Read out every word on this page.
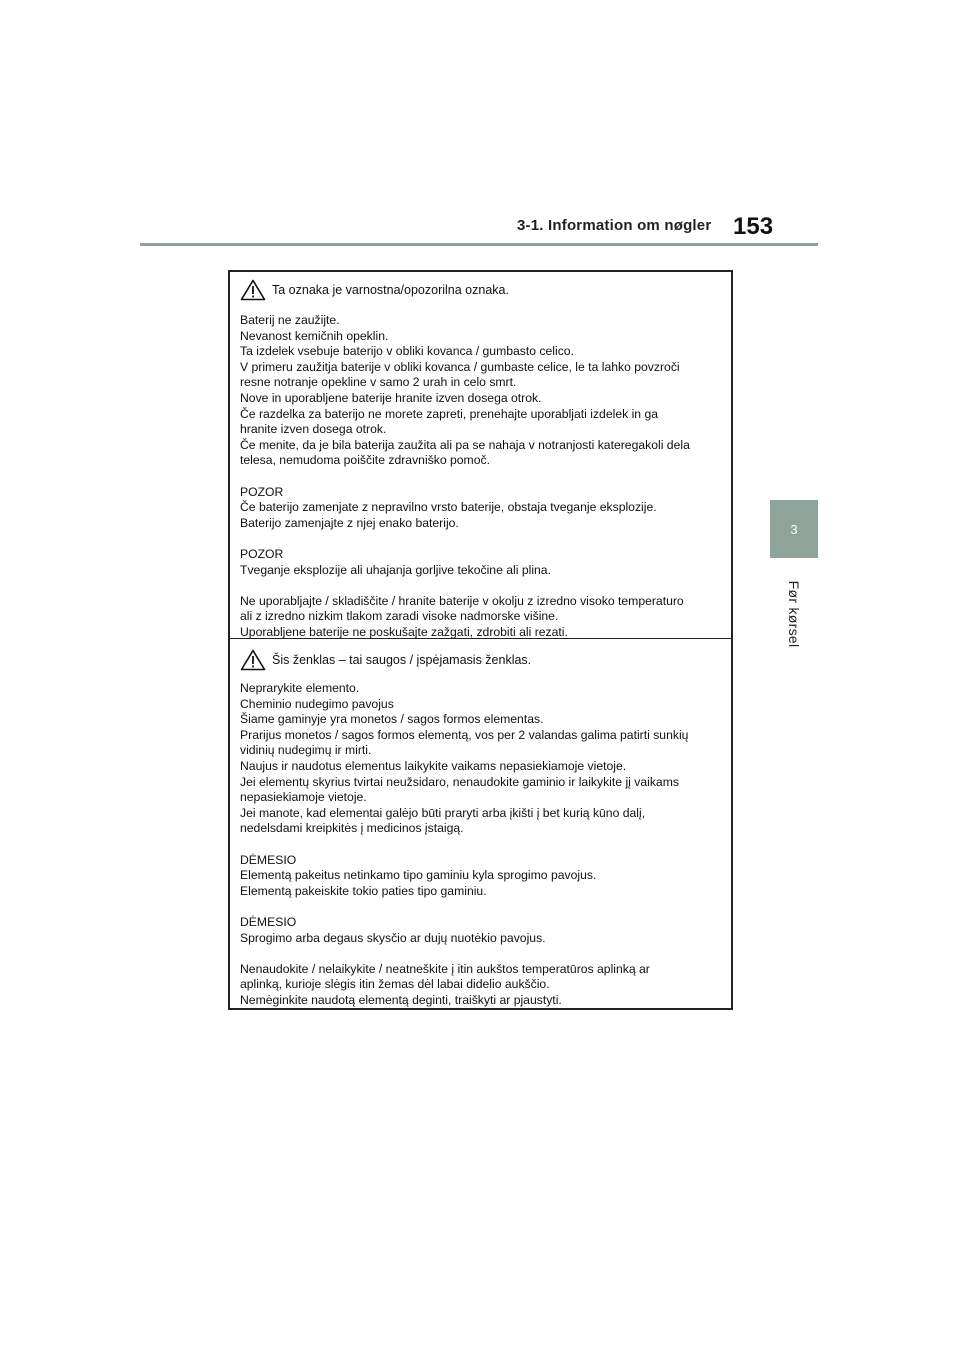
3-1. Information om nøgler 153
3
Før kørsel
Ta oznaka je varnostna/opozorilna oznaka.
Baterij ne zaužijte.
Nevanost kemičnih opeklin.
Ta izdelek vsebuje baterijo v obliki kovanca / gumbasto celico.
V primeru zaužitja baterije v obliki kovanca / gumbaste celice, le ta lahko povzroči
resne notranje opekline v samo 2 urah in celo smrt.
Nove in uporabljene baterije hranite izven dosega otrok.
Če razdelka za baterijo ne morete zapreti, prenehajte uporabljati izdelek in ga
hranite izven dosega otrok.
Če menite, da je bila baterija zaužita ali pa se nahaja v notranjosti kateregakoli dela
telesa, nemudoma poiščite zdravniško pomoč.
POZOR
Če baterijo zamenjate z nepravilno vrsto baterije, obstaja tveganje eksplozije.
Baterijo zamenjajte z njej enako baterijo.
POZOR
Tveganje eksplozije ali uhajanja gorljive tekočine ali plina.
Ne uporabljajte / skladiščite / hranite baterije v okolju z izredno visoko temperaturo
ali z izredno nizkim tlakom zaradi visoke nadmorske višine.
Uporabljene baterije ne poskušajte zažgati, zdrobiti ali rezati.
Šis ženklas – tai saugos / įspėjamasis ženklas.
Neprarykite elemento.
Cheminio nudegimo pavojus
Šiame gaminyje yra monetos / sagos formos elementas.
Prarijus monetos / sagos formos elementą, vos per 2 valandas galima patirti sunkių
vidinių nudegimų ir mirti.
Naujus ir naudotus elementus laikykite vaikams nepasiekiamoje vietoje.
Jei elementų skyrius tvirtai neužsidaro, nenaudokite gaminio ir laikykite jį vaikams
nepasiekiamoje vietoje.
Jei manote, kad elementai galėjo būti praryti arba įkišti į bet kurią kūno dalį,
nedelsdami kreipkitės į medicinos įstaigą.
DĖMESIO
Elementą pakeitus netinkamo tipo gaminiu kyla sprogimo pavojus.
Elementą pakeiskite tokio paties tipo gaminiu.
DĖMESIO
Sprogimo arba degaus skysčio ar dujų nuotėkio pavojus.
Nenaudokite / nelaikykite / neatneškite į itin aukštos temperatūros aplinką ar
aplinką, kurioje slėgis itin žemas dėl labai didelio aukščio.
Nemėginkite naudotą elementą deginti, traiškyti ar pjaustyti.
